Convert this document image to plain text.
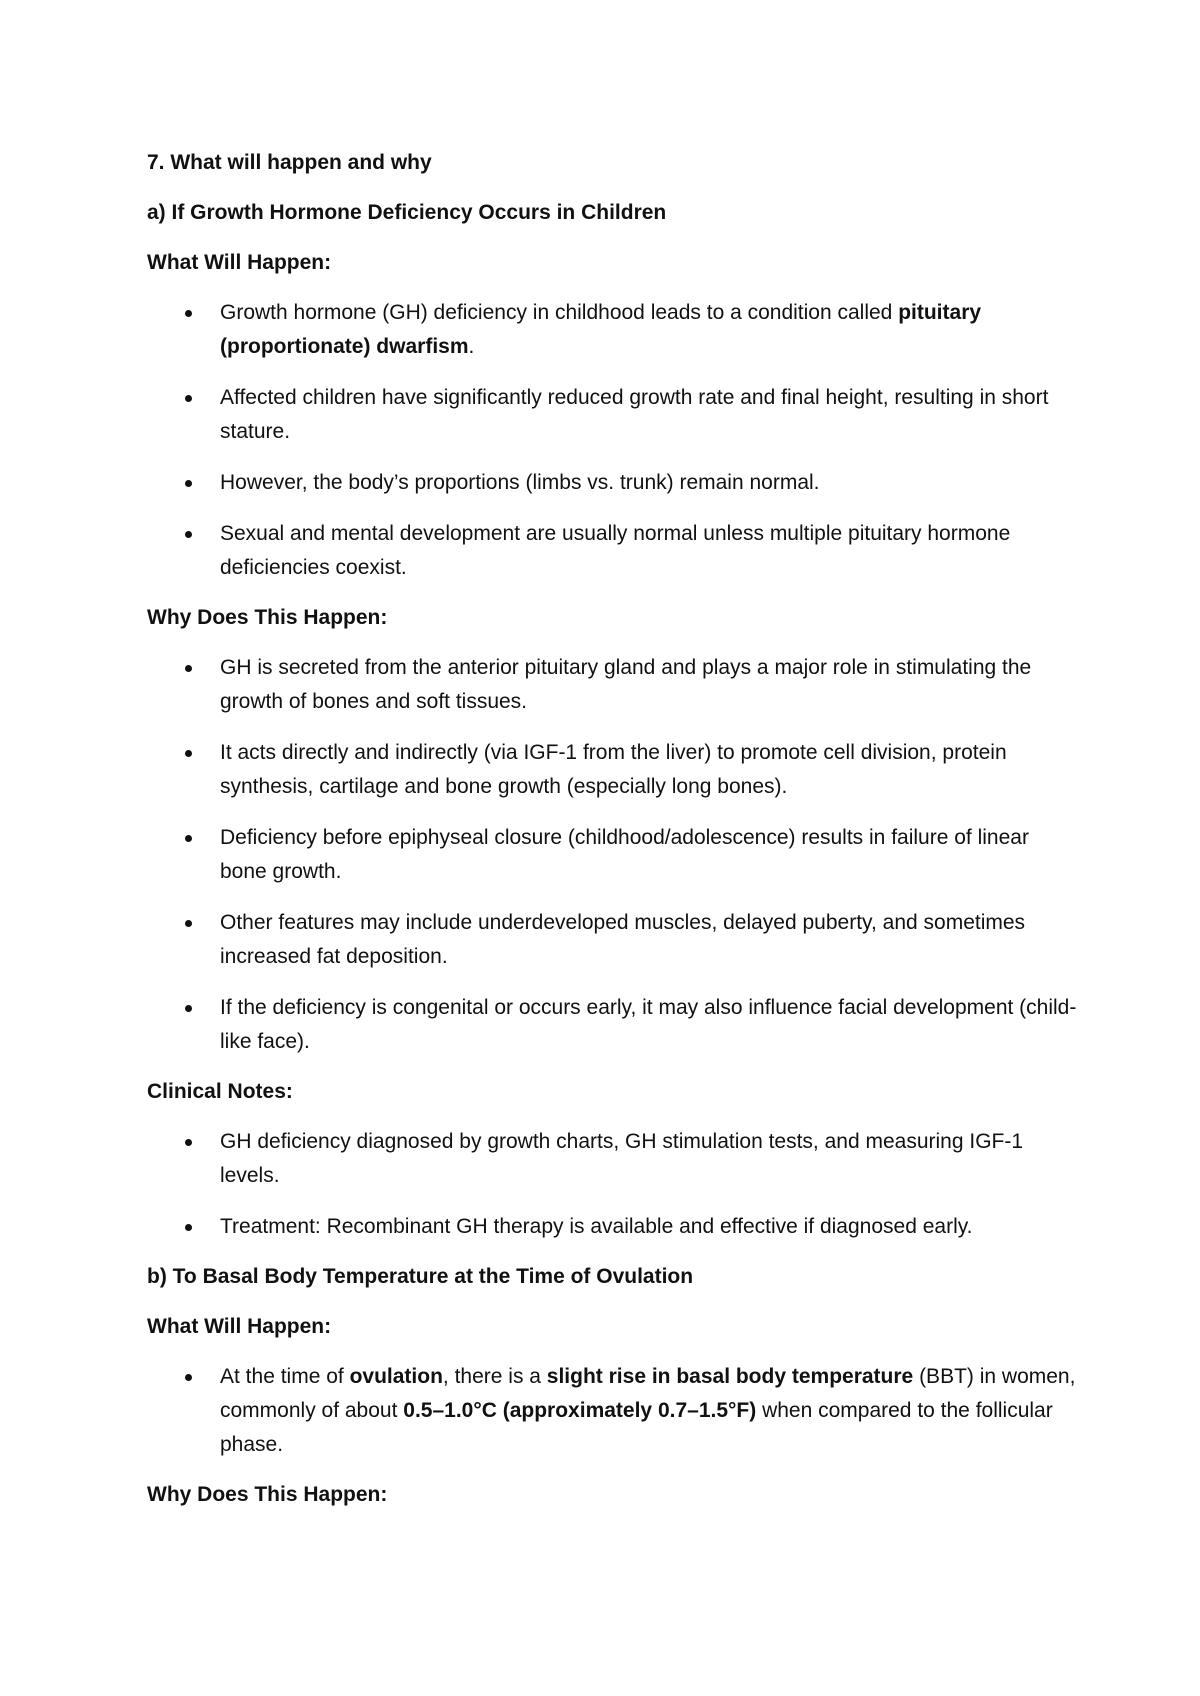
7. What will happen and why
a) If Growth Hormone Deficiency Occurs in Children
What Will Happen:
Growth hormone (GH) deficiency in childhood leads to a condition called pituitary (proportionate) dwarfism.
Affected children have significantly reduced growth rate and final height, resulting in short stature.
However, the body’s proportions (limbs vs. trunk) remain normal.
Sexual and mental development are usually normal unless multiple pituitary hormone deficiencies coexist.
Why Does This Happen:
GH is secreted from the anterior pituitary gland and plays a major role in stimulating the growth of bones and soft tissues.
It acts directly and indirectly (via IGF-1 from the liver) to promote cell division, protein synthesis, cartilage and bone growth (especially long bones).
Deficiency before epiphyseal closure (childhood/adolescence) results in failure of linear bone growth.
Other features may include underdeveloped muscles, delayed puberty, and sometimes increased fat deposition.
If the deficiency is congenital or occurs early, it may also influence facial development (child-like face).
Clinical Notes:
GH deficiency diagnosed by growth charts, GH stimulation tests, and measuring IGF-1 levels.
Treatment: Recombinant GH therapy is available and effective if diagnosed early.
b) To Basal Body Temperature at the Time of Ovulation
What Will Happen:
At the time of ovulation, there is a slight rise in basal body temperature (BBT) in women, commonly of about 0.5–1.0°C (approximately 0.7–1.5°F) when compared to the follicular phase.
Why Does This Happen:
